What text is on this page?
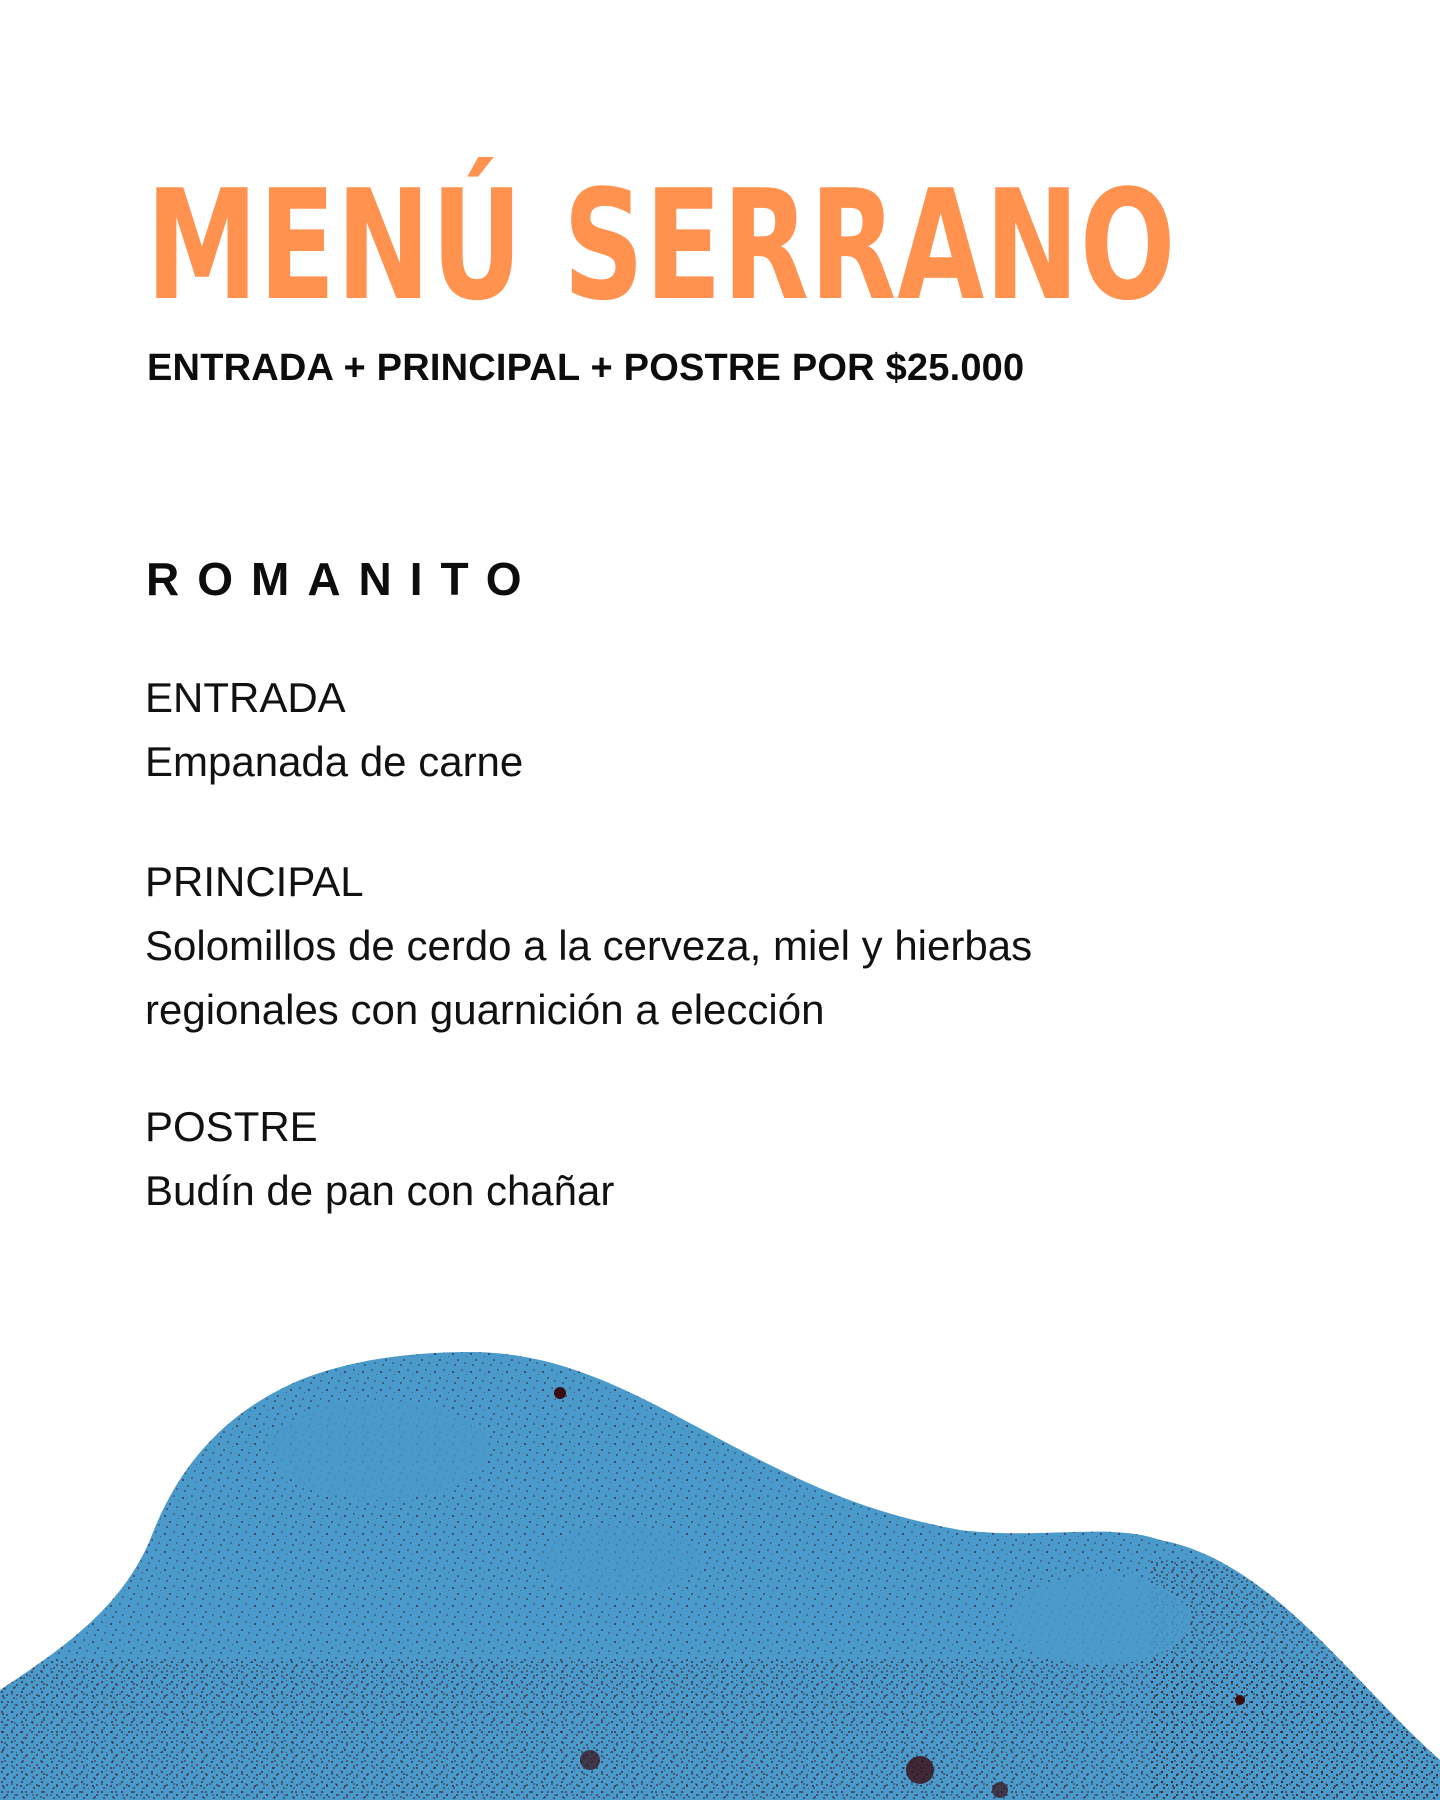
MENÚ SERRANO

ENTRADA + PRINCIPAL + POSTRE POR $25.000

ROMANITO
ENTRADA
Empanada de carne
PRINCIPAL
Solomillos de cerdo a la cerveza, miel y hierbas
regionales con guarnición a elección
POSTRE
Budín de pan con chañar
